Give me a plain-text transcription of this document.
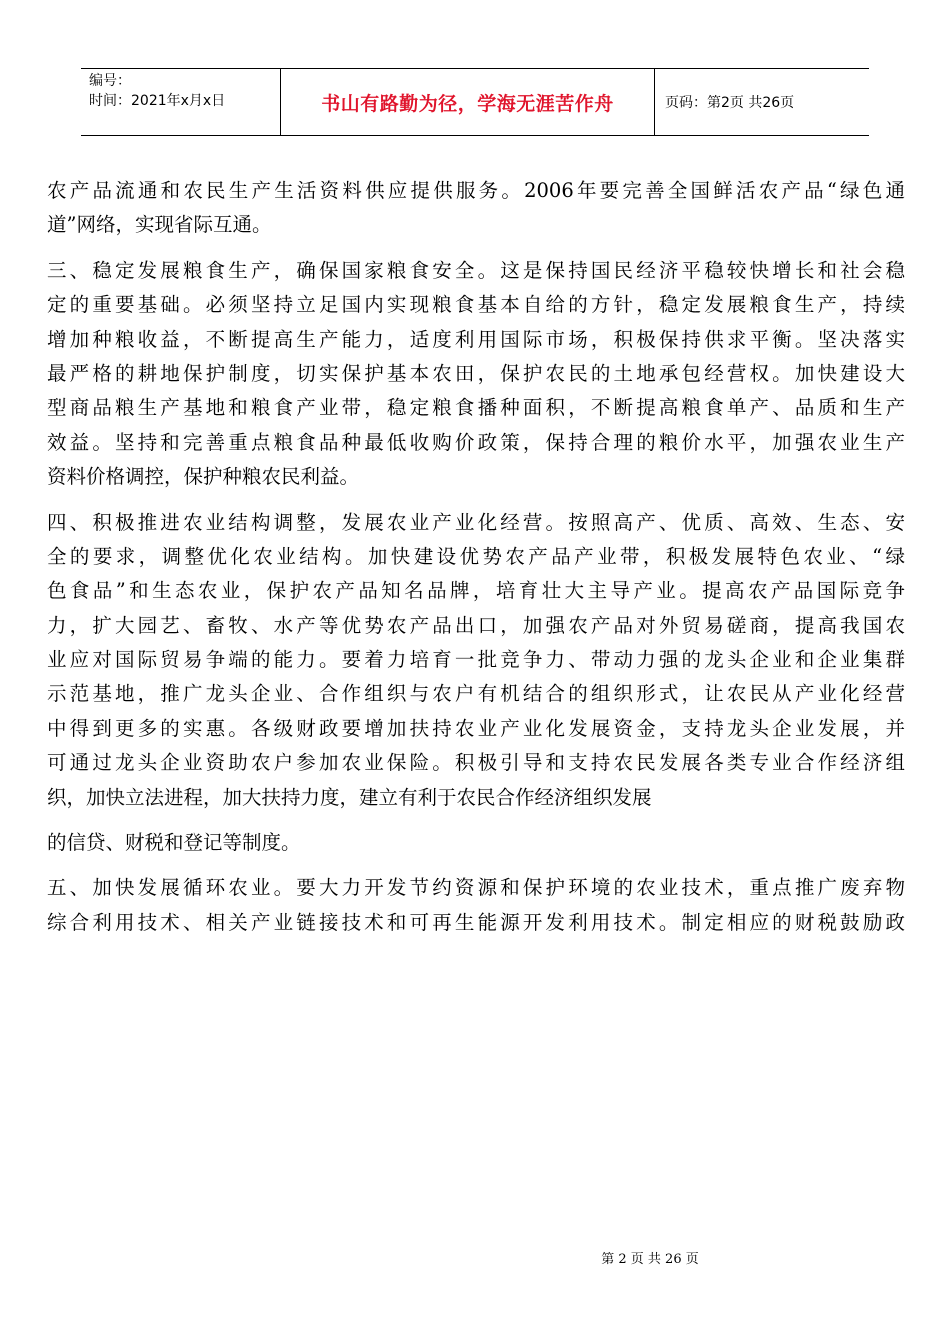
编号：
时间：2021年x月x日	书山有路勤为径，学海无涯苦作舟	页码：第2页 共26页
农产品流通和农民生产生活资料供应提供服务。2006年要完善全国鲜活农产品“绿色通
道”网络，实现省际互通。
三、稳定发展粮食生产，确保国家粮食安全。这是保持国民经济平稳较快增长和社会稳
定的重要基础。必须坚持立足国内实现粮食基本自给的方针，稳定发展粮食生产，持续
增加种粮收益，不断提高生产能力，适度利用国际市场，积极保持供求平衡。坚决落实
最严格的耕地保护制度，切实保护基本农田，保护农民的土地承包经营权。加快建设大
型商品粮生产基地和粮食产业带，稳定粮食播种面积，不断提高粮食单产、品质和生产
效益。坚持和完善重点粮食品种最低收购价政策，保持合理的粮价水平，加强农业生产
资料价格调控，保护种粮农民利益。
四、积极推进农业结构调整，发展农业产业化经营。按照高产、优质、高效、生态、安
全的要求，调整优化农业结构。加快建设优势农产品产业带，积极发展特色农业、“绿
色食品”和生态农业，保护农产品知名品牌，培育壮大主导产业。提高农产品国际竞争
力，扩大园艺、畜牧、水产等优势农产品出口，加强农产品对外贸易磋商，提高我国农
业应对国际贸易争端的能力。要着力培育一批竞争力、带动力强的龙头企业和企业集群
示范基地，推广龙头企业、合作组织与农户有机结合的组织形式，让农民从产业化经营
中得到更多的实惠。各级财政要增加扶持农业产业化发展资金，支持龙头企业发展，并
可通过龙头企业资助农户参加农业保险。积极引导和支持农民发展各类专业合作经济组
织，加快立法进程，加大扶持力度，建立有利于农民合作经济组织发展
的信贷、财税和登记等制度。
五、加快发展循环农业。要大力开发节约资源和保护环境的农业技术，重点推广废弃物
综合利用技术、相关产业链接技术和可再生能源开发利用技术。制定相应的财税鼓励政
第 2 页 共 26 页
